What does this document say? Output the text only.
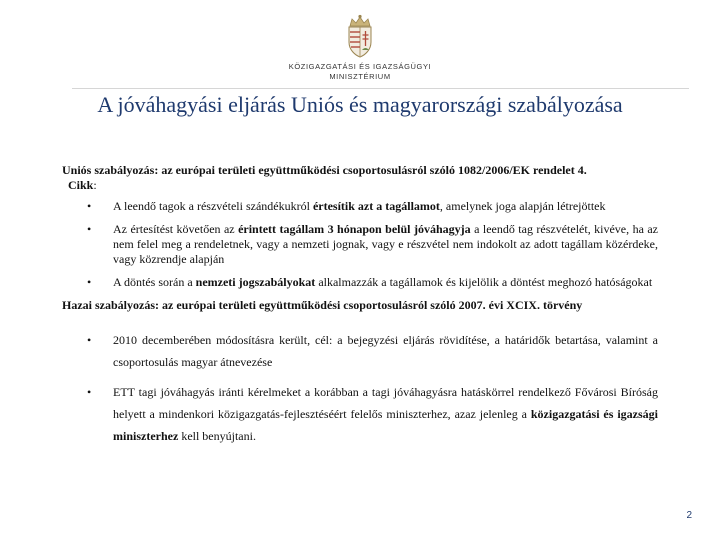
KÖZIGAZGATÁSI ÉS IGAZSÁGÜGYI
MINISZTÉRIUM
A jóváhagyási eljárás Uniós és magyarországi szabályozása
Uniós szabályozás: az európai területi együttműködési csoportosulásról szóló 1082/2006/EK rendelet 4.
Cikk:
• A leendő tagok a részvételi szándékukról értesítik azt a tagállamot, amelynek joga alapján létrejöttek
• Az értesítést követően az érintett tagállam 3 hónapon belül jóváhagyja a leendő tag részvételét, kivéve, ha az nem felel meg a rendeletnek, vagy a nemzeti jognak, vagy e részvétel nem indokolt az adott tagállam közérdeke, vagy közrendje alapján
• A döntés során a nemzeti jogszabályokat alkalmazzák a tagállamok és kijelölik a döntést meghozó hatóságokat
Hazai szabályozás: az európai területi együttműködési csoportosulásról szóló 2007. évi XCIX. törvény
• 2010 decemberében módosításra került, cél: a bejegyzési eljárás rövidítése, a határidők betartása, valamint a csoportosulás magyar átnevezése
• ETT tagi jóváhagyás iránti kérelmeket a korábban a tagi jóváhagyásra hatáskörrel rendelkező Fővárosi Bíróság helyett a mindenkori közigazgatás-fejlesztéséért felelős miniszterhez, azaz jelenleg a közigazgatási és igazsági miniszterhez kell benyújtani.
2
